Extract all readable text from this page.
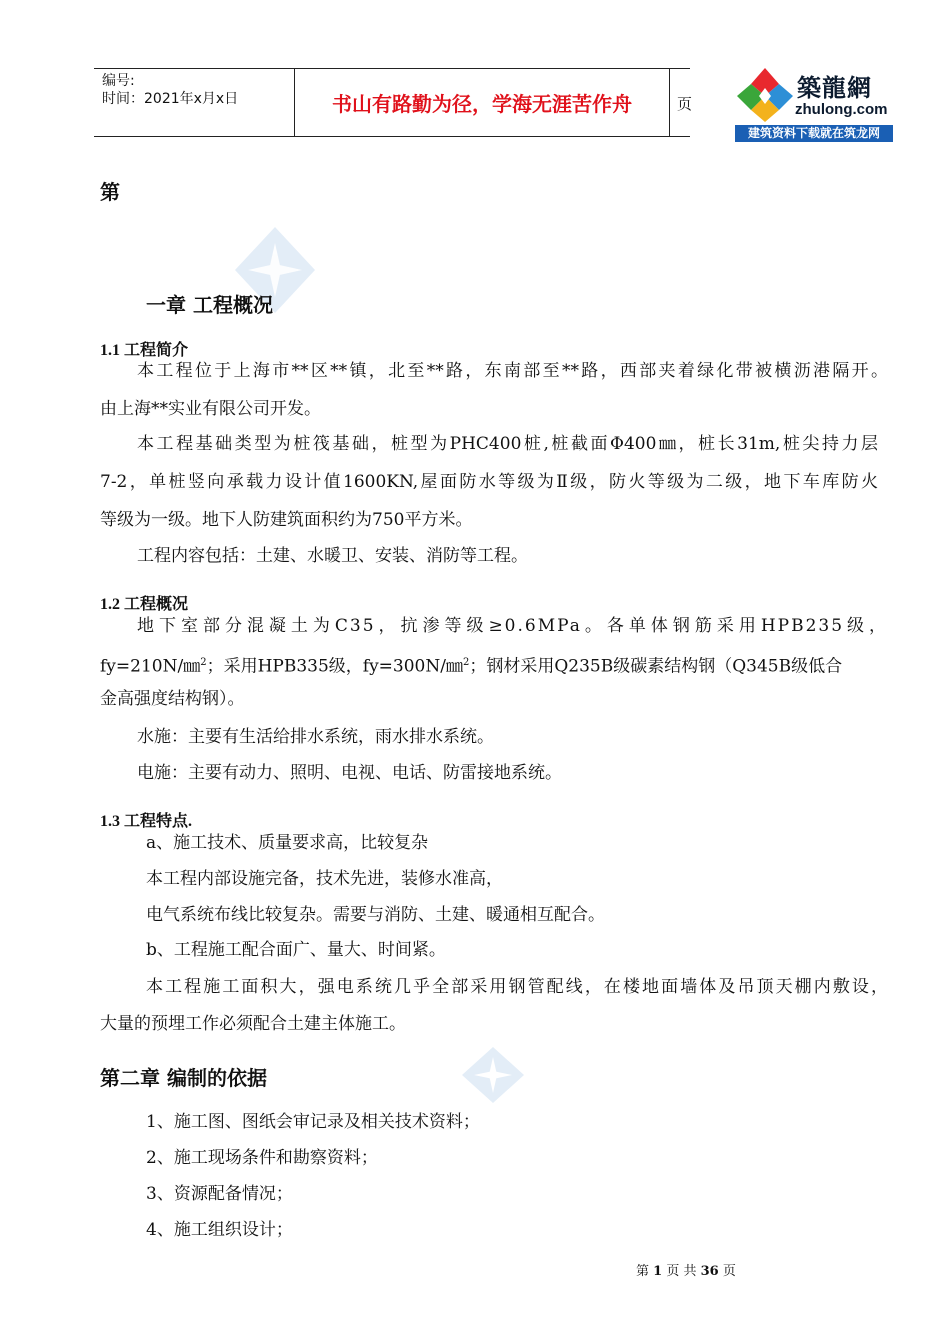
编号:
时间：2021年x月x日	书山有路勤为径，学海无涯苦作舟	页
築龍網
zhulong.com
建筑资料下载就在筑龙网
第
一章 工程概况
1.1 工程简介
本工程位于上海市**区**镇，北至**路，东南部至**路，西部夹着绿化带被横沥港隔开。
由上海**实业有限公司开发。
本工程基础类型为桩筏基础，桩型为PHC400桩,桩截面Φ400㎜，桩长31m,桩尖持力层
7-2，单桩竖向承载力设计值1600KN,屋面防水等级为Ⅱ级，防火等级为二级，地下车库防火
等级为一级。地下人防建筑面积约为750平方米。
工程内容包括：土建、水暖卫、安装、消防等工程。
1.2 工程概况
地下室部分混凝土为C35，抗渗等级≥0.6MPa。各单体钢筋采用HPB235级，
fy=210N/㎜$^2$；采用HPB335级，fy=300N/㎜$^2$；钢材采用Q235B级碳素结构钢（Q345B级低合
金高强度结构钢）。
水施：主要有生活给排水系统，雨水排水系统。
电施：主要有动力、照明、电视、电话、防雷接地系统。
1.3 工程特点.
a、施工技术、质量要求高，比较复杂
本工程内部设施完备，技术先进，装修水准高，
电气系统布线比较复杂。需要与消防、土建、暖通相互配合。
b、工程施工配合面广、量大、时间紧。
本工程施工面积大，强电系统几乎全部采用钢管配线，在楼地面墙体及吊顶天棚内敷设，
大量的预埋工作必须配合土建主体施工。
第二章 编制的依据
1、施工图、图纸会审记录及相关技术资料；
2、施工现场条件和勘察资料；
3、资源配备情况；
4、施工组织设计；
第 1 页 共 36 页
